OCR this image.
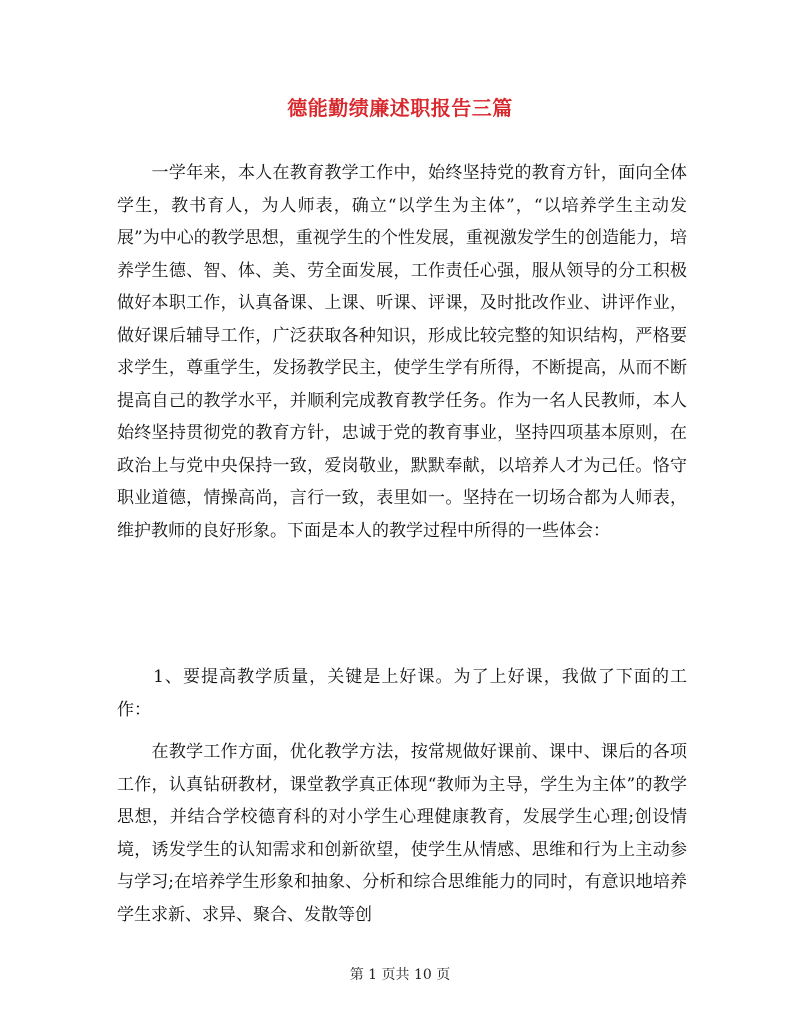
德能勤绩廉述职报告三篇

　　一学年来，本人在教育教学工作中，始终坚持党的教育方针，面向全体学生，教书育人，为人师表，确立“以学生为主体”，“以培养学生主动发展”为中心的教学思想，重视学生的个性发展，重视激发学生的创造能力，培养学生德、智、体、美、劳全面发展，工作责任心强，服从领导的分工积极做好本职工作，认真备课、上课、听课、评课，及时批改作业、讲评作业，做好课后辅导工作，广泛获取各种知识，形成比较完整的知识结构，严格要求学生，尊重学生，发扬教学民主，使学生学有所得，不断提高，从而不断提高自己的教学水平，并顺利完成教育教学任务。作为一名人民教师，本人始终坚持贯彻党的教育方针，忠诚于党的教育事业，坚持四项基本原则，在政治上与党中央保持一致，爱岗敬业，默默奉献，以培养人才为己任。恪守职业道德，情操高尚，言行一致，表里如一。坚持在一切场合都为人师表，维护教师的良好形象。下面是本人的教学过程中所得的一些体会：

　　1、要提高教学质量，关键是上好课。为了上好课，我做了下面的工作：

　　在教学工作方面，优化教学方法，按常规做好课前、课中、课后的各项工作，认真钻研教材，课堂教学真正体现“教师为主导，学生为主体”的教学思想，并结合学校德育科的对小学生心理健康教育，发展学生心理;创设情境，诱发学生的认知需求和创新欲望，使学生从情感、思维和行为上主动参与学习;在培养学生形象和抽象、分析和综合思维能力的同时，有意识地培养学生求新、求异、聚合、发散等创

第 1 页共 10 页
